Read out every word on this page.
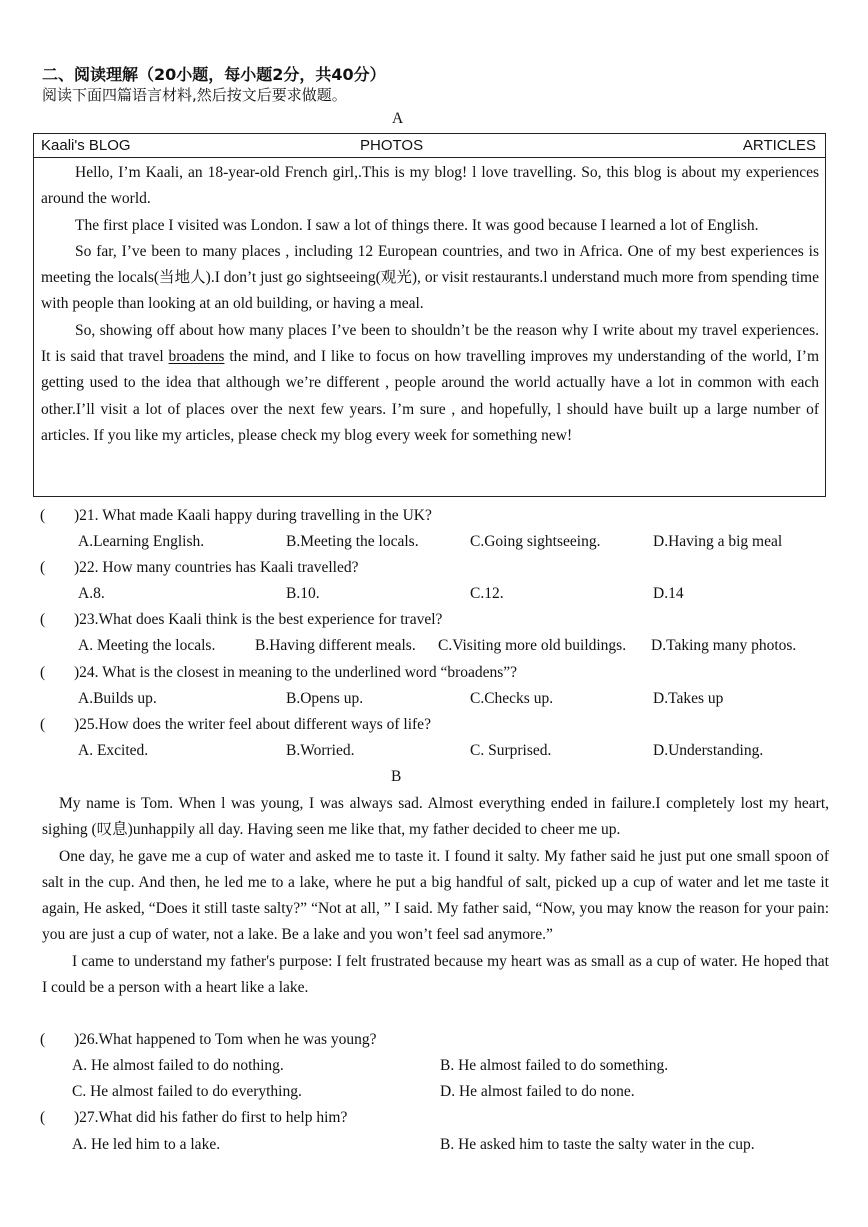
二、阅读理解（20小题，每小题2分，共40分）
阅读下面四篇语言材料,然后按文后要求做题。
A
Kaali's BLOG	PHOTOS	ARTICLES

Hello, I’m Kaali, an 18-year-old French girl,.This is my blog! l love travelling. So, this blog is about my experiences around the world.

The first place I visited was London. I saw a lot of things there. It was good because I learned a lot of English.

So far, I’ve been to many places , including 12 European countries, and two in Africa. One of my best experiences is meeting the locals(当地人).I don’t just go sightseeing(观光), or visit restaurants.l understand much more from spending time with people than looking at an old building, or having a meal.

So, showing off about how many places I’ve been to shouldn’t be the reason why I write about my travel experiences. It is said that travel broadens the mind, and I like to focus on how travelling improves my understanding of the world, I’m getting used to the idea that although we’re different , people around the world actually have a lot in common with each other.I’ll visit a lot of places over the next few years. I’m sure , and hopefully, l should have built up a large number of articles. If you like my articles, please check my blog every week for something new!

( )21. What made Kaali happy during travelling in the UK?
A.Learning English.	B.Meeting the locals.	C.Going sightseeing.	D.Having a big meal
( )22. How many countries has Kaali travelled?
A.8.	B.10.	C.12.	D.14
( )23.What does Kaali think is the best experience for travel?
A. Meeting the locals.	B.Having different meals. C.Visiting more old buildings. D.Taking many photos.
( )24. What is the closest in meaning to the underlined word “broadens”?
A.Builds up.	B.Opens up.	C.Checks up.	D.Takes up
( )25.How does the writer feel about different ways of life?
A. Excited.	B.Worried.	C. Surprised.	D.Understanding.
B

My name is Tom. When l was young, I was always sad. Almost everything ended in failure.I completely lost my heart, sighing (叹息)unhappily all day. Having seen me like that, my father decided to cheer me up.

One day, he gave me a cup of water and asked me to taste it. I found it salty. My father said he just put one small spoon of salt in the cup. And then, he led me to a lake, where he put a big handful of salt, picked up a cup of water and let me taste it again, He asked, “Does it still taste salty?” “Not at all, ” I said. My father said, “Now, you may know the reason for your pain: you are just a cup of water, not a lake. Be a lake and you won’t feel sad anymore.”

I came to understand my father's purpose: I felt frustrated because my heart was as small as a cup of water. He hoped that I could be a person with a heart like a lake.

( )26.What happened to Tom when he was young?
A. He almost failed to do nothing.	B. He almost failed to do something.
C. He almost failed to do everything.	D. He almost failed to do none.
( )27.What did his father do first to help him?
A. He led him to a lake.	B. He asked him to taste the salty water in the cup.
